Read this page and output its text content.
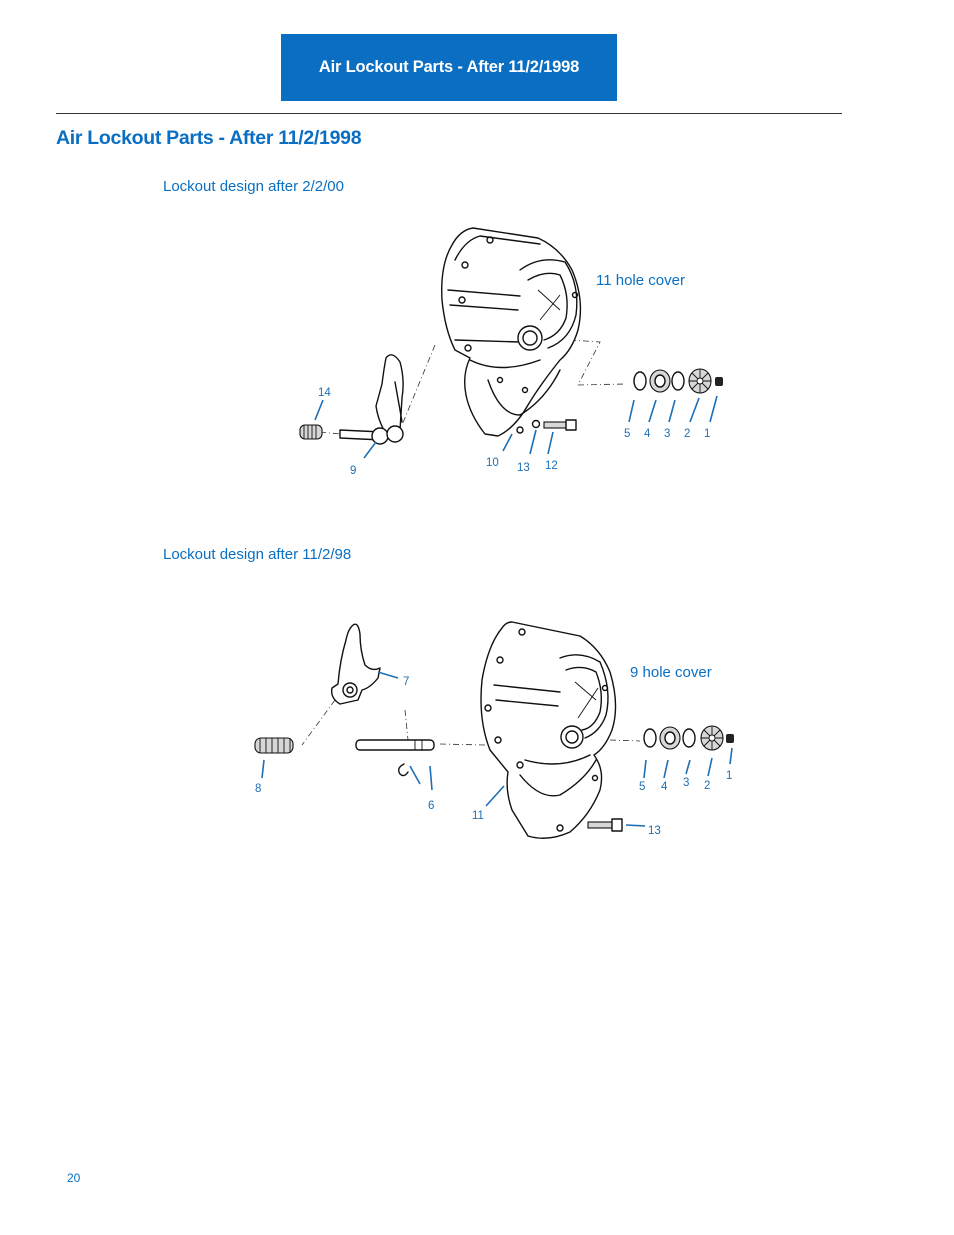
Air Lockout Parts - After 11/2/1998
Air Lockout Parts - After 11/2/1998
Lockout design after 2/2/00
14
9
10 13 12
5 4 3 2 1
11 hole cover
Lockout design after 11/2/98
7
8
6
11
13
5 4 3 2
1
9 hole cover
20
